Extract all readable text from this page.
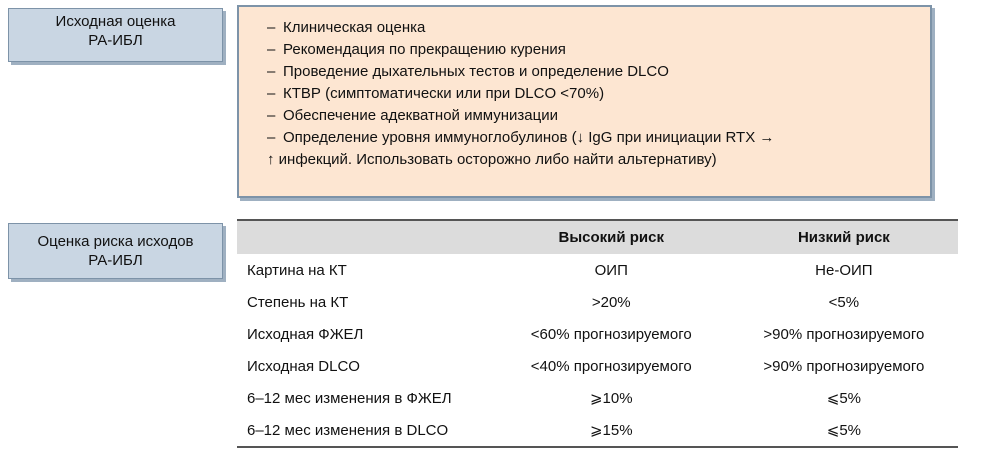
Исходная оценка
РА-ИБЛ
– Клиническая оценка
– Рекомендация по прекращению курения
– Проведение дыхательных тестов и определение DLCO
– КТВР (симптоматически или при DLCO <70%)
– Обеспечение адекватной иммунизации
– Определение уровня иммуноглобулинов (↓ IgG при инициации RTX →
↑ инфекций. Использовать осторожно либо найти альтернативу)
Оценка риска исходов
РА-ИБЛ
	Высокий риск	Низкий риск
Картина на КТ	ОИП	Не-ОИП
Степень на КТ	>20%	<5%
Исходная ФЖЕЛ	<60% прогнозируемого	>90% прогнозируемого
Исходная DLCO	<40% прогнозируемого	>90% прогнозируемого
6–12 мес изменения в ФЖЕЛ	⩾10%	⩽5%
6–12 мес изменения в DLCO	⩾15%	⩽5%
